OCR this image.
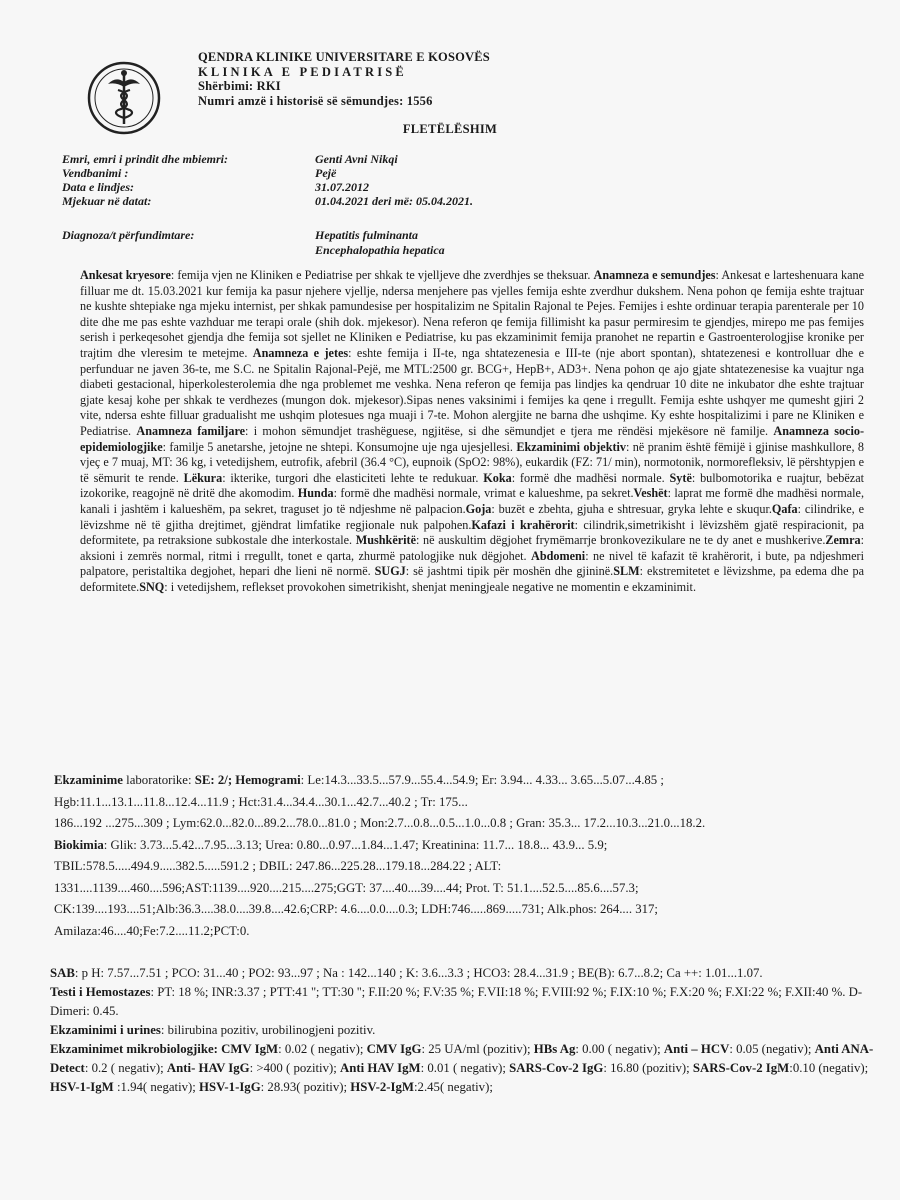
QENDRA KLINIKE UNIVERSITARE E KOSOVËS
KLINIKA E PEDIATRISË
Shërbimi: RKI
Numri amzë i historisë së sëmundjes: 1556
FLETËLËSHIM
Emri, emri i prindit dhe mbiemri:	Genti Avni Nikqi
Vendbanimi :	Pejë
Data e lindjes:	31.07.2012
Mjekuar në datat:	01.04.2021 deri më: 05.04.2021.
Diagnoza/t përfundimtare:	Hepatitis fulminanta
Encephalopathia hepatica
Ankesat kryesore: femija vjen ne Kliniken e Pediatrise per shkak te vjelljeve dhe zverdhjes se theksuar. Anamneza e semundjes: Ankesat e larteshenuara kane filluar me dt. 15.03.2021 kur femija ka pasur njehere vjellje, ndersa menjehere pas vjelles femija eshte zverdhur dukshem. Nena pohon qe femija eshte trajtuar ne kushte shtepiake nga mjeku internist, per shkak pamundesise per hospitalizim ne Spitalin Rajonal te Pejes. Femijes i eshte ordinuar terapia parenterale per 10 dite dhe me pas eshte vazhduar me terapi orale (shih dok. mjekesor). Nena referon qe femija fillimisht ka pasur permiresim te gjendjes, mirepo me pas femijes serish i perkeqesohet gjendja dhe femija sot sjellet ne Kliniken e Pediatrise, ku pas ekzaminimit femija pranohet ne repartin e Gastroenterologjise kronike per trajtim dhe vleresim te metejme. Anamneza e jetes: eshte femija i II-te, nga shtatezenesia e III-te (nje abort spontan), shtatezenesi e kontrolluar dhe e perfunduar ne javen 36-te, me S.C. ne Spitalin Rajonal-Pejë, me MTL:2500 gr. BCG+, HepB+, AD3+. Nena pohon qe ajo gjate shtatezenesise ka vuajtur nga diabeti gestacional, hiperkolesterolemia dhe nga problemet me veshka. Nena referon qe femija pas lindjes ka qendruar 10 dite ne inkubator dhe eshte trajtuar gjate kesaj kohe per shkak te verdhezes (mungon dok. mjekesor).Sipas nenes vaksinimi i femijes ka qene i rregullt. Femija eshte ushqyer me qumesht gjiri 2 vite, ndersa eshte filluar gradualisht me ushqim plotesues nga muaji i 7-te. Mohon alergjite ne barna dhe ushqime. Ky eshte hospitalizimi i pare ne Kliniken e Pediatrise. Anamneza familjare: i mohon sëmundjet trashëguese, ngjitëse, si dhe sëmundjet e tjera me rëndësi mjekësore në familje. Anamneza socio-epidemiologjike: familje 5 anetarshe, jetojne ne shtepi. Konsumojne uje nga ujesjellesi. Ekzaminimi objektiv: në pranim është fëmijë i gjinise mashkullore, 8 vjeç e 7 muaj, MT: 36 kg, i vetedijshem, eutrofik, afebril (36.4 °C), eupnoik (SpO2: 98%), eukardik (FZ: 71/ min), normotonik, normorefleksiv, lë përshtypjen e të sëmurit te rende. Lëkura: ikterike, turgori dhe elasticiteti lehte te redukuar. Koka: formë dhe madhësi normale. Sytë: bulbomotorika e ruajtur, bebëzat izokorike, reagojnë në dritë dhe akomodim. Hunda: formë dhe madhësi normale, vrimat e kalueshme, pa sekret.Veshët: laprat me formë dhe madhësi normale, kanali i jashtëm i kalueshëm, pa sekret, traguset jo të ndjeshme në palpacion.Goja: buzët e zbehta, gjuha e shtresuar, gryka lehte e skuqur.Qafa: cilindrike, e lëvizshme në të gjitha drejtimet, gjëndrat limfatike regjionale nuk palpohen.Kafazi i krahërorit: cilindrik,simetrikisht i lëvizshëm gjatë respiracionit, pa deformitete, pa retraksione subkostale dhe interkostale. Mushkëritë: në auskultim dëgjohet frymëmarrje bronkovezikulare ne te dy anet e mushkerive.Zemra: aksioni i zemrës normal, ritmi i rregullt, tonet e qarta, zhurmë patologjike nuk dëgjohet. Abdomeni: ne nivel të kafazit të krahërorit, i bute, pa ndjeshmeri palpatore, peristaltika degjohet, hepari dhe lieni në normë. SUGJ: së jashtmi tipik për moshën dhe gjininë.SLM: ekstremitetet e lëvizshme, pa edema dhe pa deformitete.SNQ: i vetedijshem, reflekset provokohen simetrikisht, shenjat meningjeale negative ne momentin e ekzaminimit.

Ekzaminime laboratorike: SE: 2/; Hemogrami: Le:14.3...33.5...57.9...55.4...54.9; Er: 3.94... 4.33... 3.65...5.07...4.85 ;

Hgb:11.1...13.1...11.8...12.4...11.9 ; Hct:31.4...34.4...30.1...42.7...40.2 ; Tr: 175...

186...192 ...275...309 ; Lym:62.0...82.0...89.2...78.0...81.0 ; Mon:2.7...0.8...0.5...1.0...0.8 ; Gran: 35.3... 17.2...10.3...21.0...18.2.

Biokimia: Glik: 3.73...5.42...7.95...3.13; Urea: 0.80...0.97...1.84...1.47; Kreatinina: 11.7... 18.8... 43.9... 5.9;

TBIL:578.5.....494.9.....382.5.....591.2 ; DBIL: 247.86...225.28...179.18...284.22 ; ALT:

1331....1139....460....596;AST:1139....920....215....275;GGT: 37....40....39....44; Prot. T: 51.1....52.5....85.6....57.3;

CK:139....193....51;Alb:36.3....38.0....39.8....42.6;CRP: 4.6....0.0....0.3; LDH:746.....869.....731; Alk.phos: 264.... 317;

Amilaza:46....40;Fe:7.2....11.2;PCT:0.

SAB: p H: 7.57...7.51 ; PCO: 31...40 ; PO2: 93...97 ; Na : 142...140 ; K: 3.6...3.3 ; HCO3: 28.4...31.9 ; BE(B): 6.7...8.2; Ca ++: 1.01...1.07.

Testi i Hemostazes: PT: 18 %; INR:3.37 ; PTT:41 ''; TT:30 ''; F.II:20 %; F.V:35 %; F.VII:18 %; F.VIII:92 %; F.IX:10 %; F.X:20 %; F.XI:22 %; F.XII:40 %. D-Dimeri: 0.45.

Ekzaminimi i urines: bilirubina pozitiv, urobilinogjeni pozitiv.

Ekzaminimet mikrobiologjike: CMV IgM: 0.02 ( negativ); CMV IgG: 25 UA/ml (pozitiv); HBs Ag: 0.00 ( negativ); Anti – HCV: 0.05 (negativ); Anti ANA-Detect: 0.2 ( negativ); Anti- HAV IgG: >400 ( pozitiv); Anti HAV IgM: 0.01 ( negativ); SARS-Cov-2 IgG: 16.80 (pozitiv); SARS-Cov-2 IgM:0.10 (negativ); HSV-1-IgM :1.94( negativ); HSV-1-IgG: 28.93( pozitiv); HSV-2-IgM:2.45( negativ);
